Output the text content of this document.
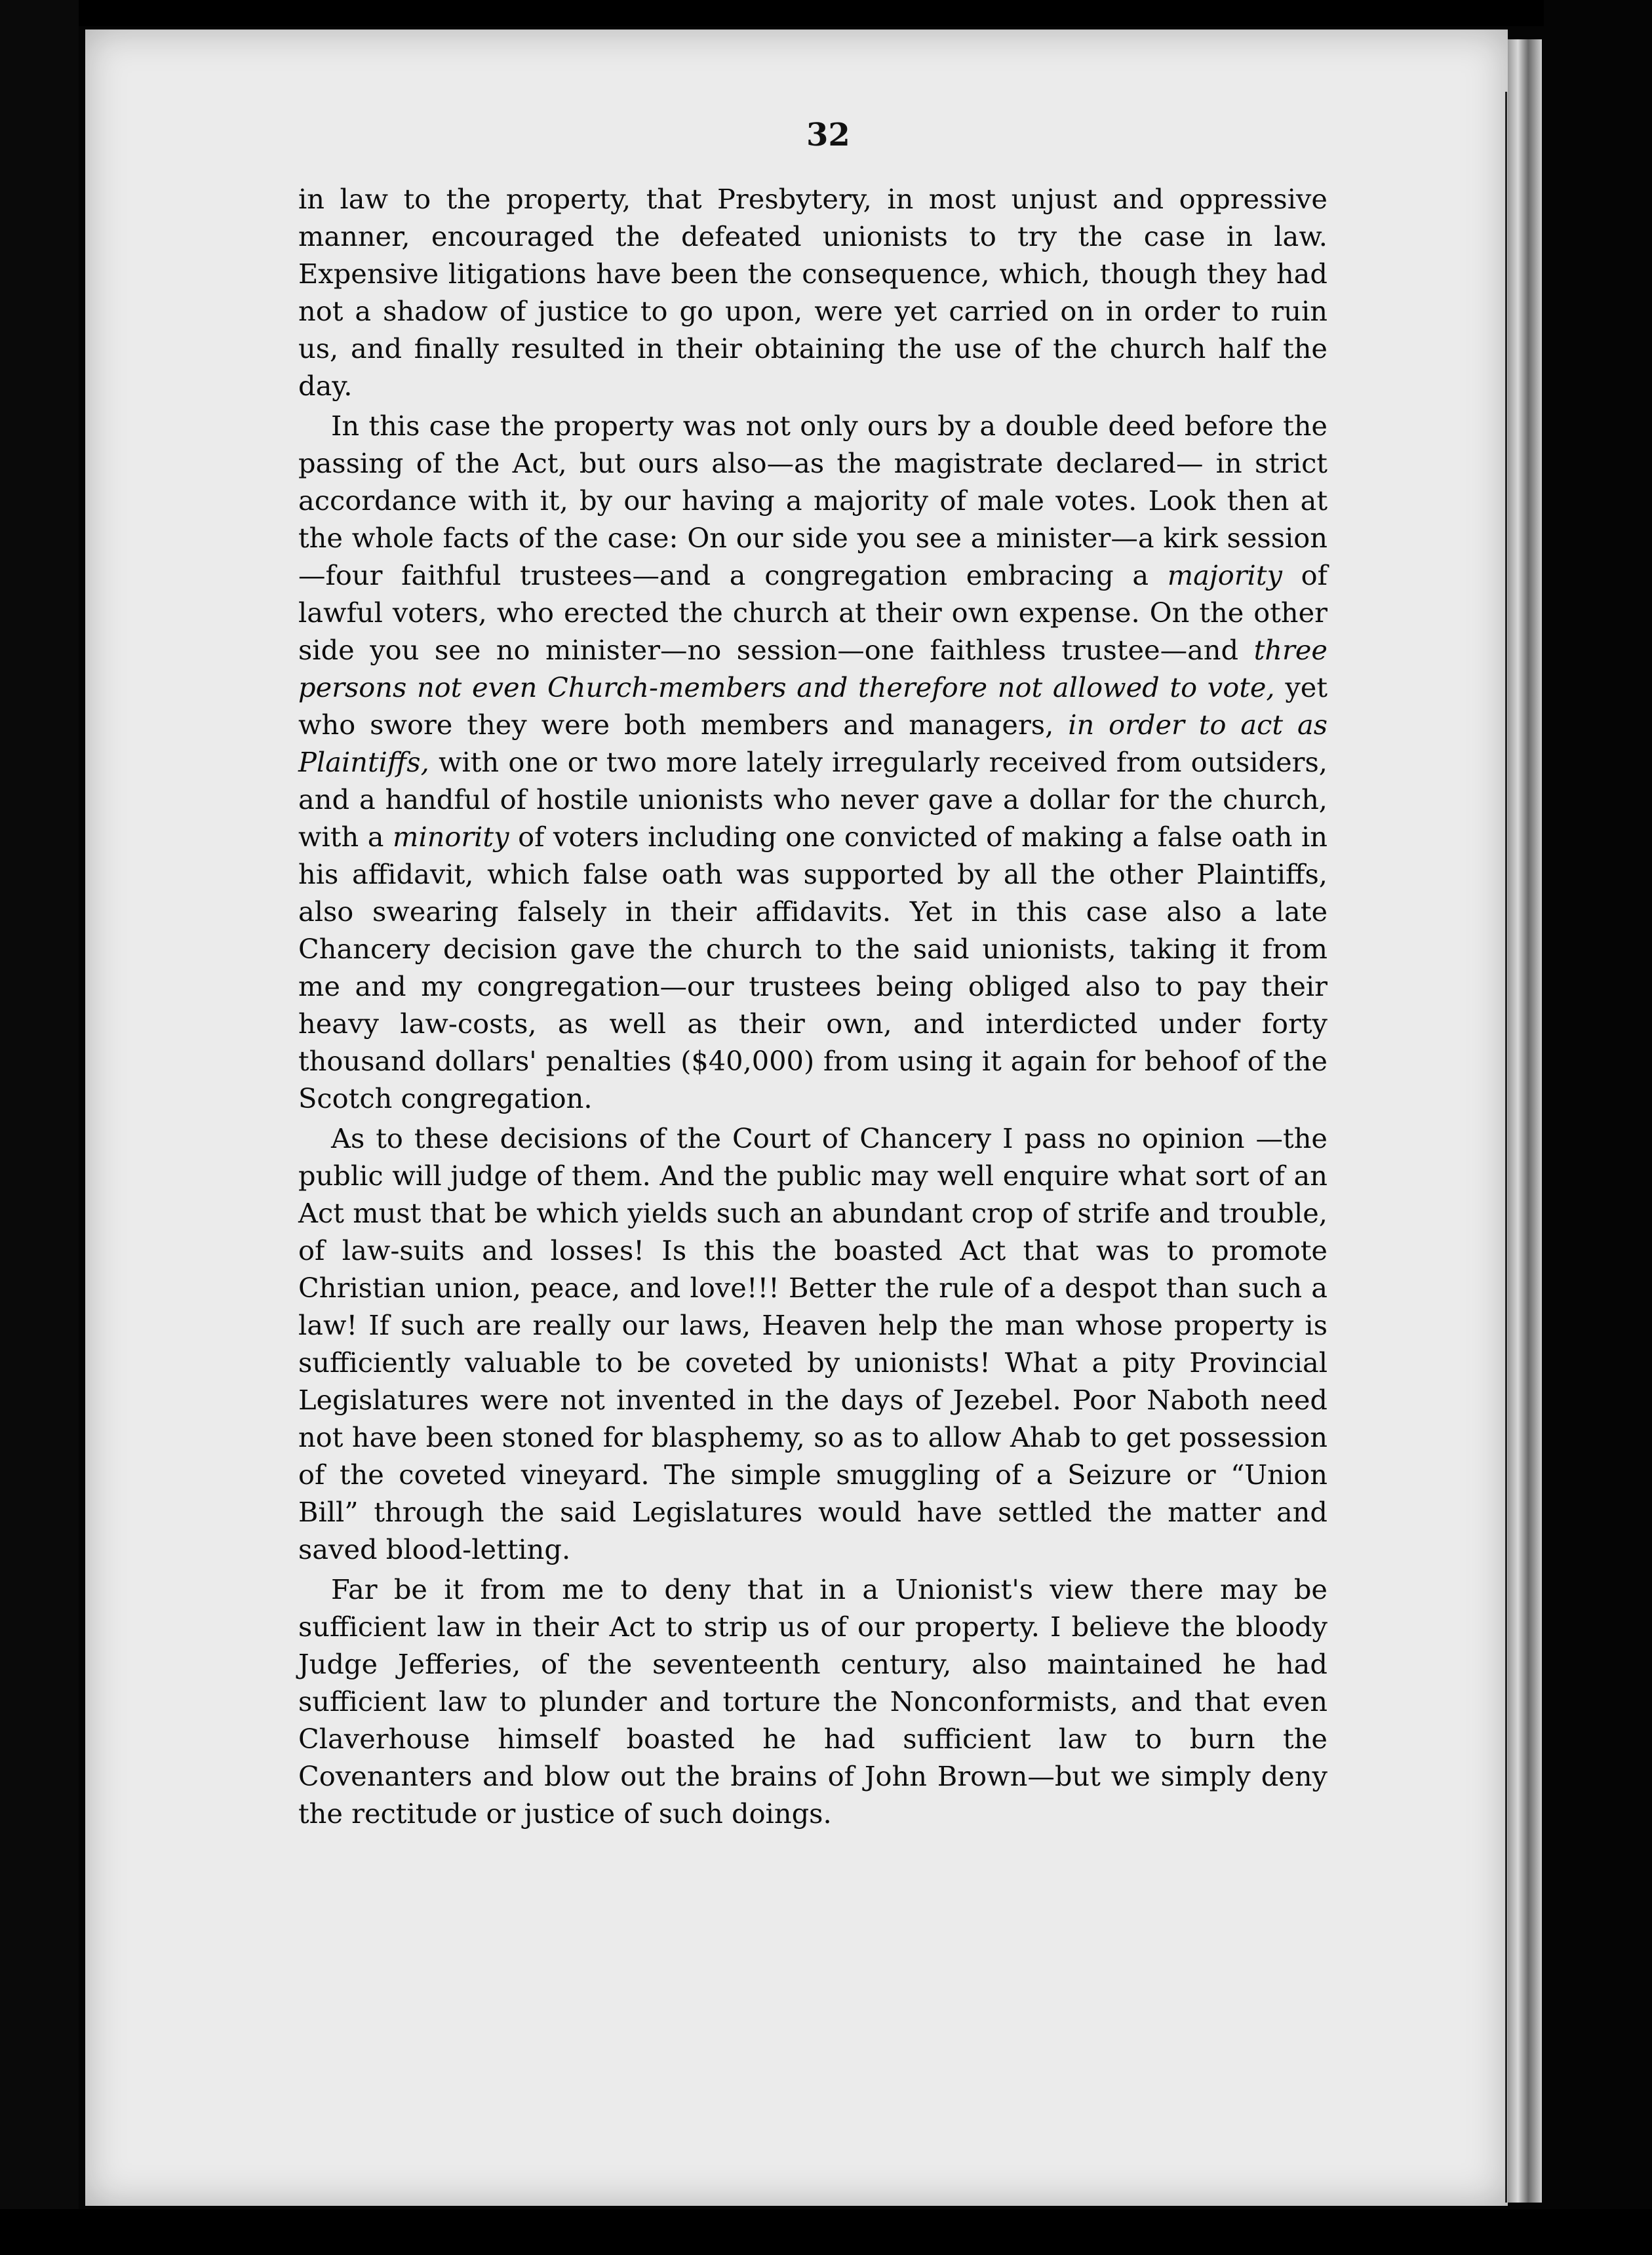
32

in law to the property, that Presbytery, in most unjust and oppressive manner, encouraged the defeated unionists to try the case in law. Expensive litigations have been the consequence, which, though they had not a shadow of justice to go upon, were yet carried on in order to ruin us, and finally resulted in their obtaining the use of the church half the day.

In this case the property was not only ours by a double deed before the passing of the Act, but ours also—as the magistrate declared— in strict accordance with it, by our having a majority of male votes. Look then at the whole facts of the case: On our side you see a minister—a kirk session—four faithful trustees—and a congregation embracing a majority of lawful voters, who erected the church at their own expense. On the other side you see no minister—no session—one faithless trustee—and three persons not even Church-members and therefore not allowed to vote, yet who swore they were both members and managers, in order to act as Plaintiffs, with one or two more lately irregularly received from outsiders, and a handful of hostile unionists who never gave a dollar for the church, with a minority of voters including one convicted of making a false oath in his affidavit, which false oath was supported by all the other Plaintiffs, also swearing falsely in their affidavits. Yet in this case also a late Chancery decision gave the church to the said unionists, taking it from me and my congregation—our trustees being obliged also to pay their heavy law-costs, as well as their own, and interdicted under forty thousand dollars' penalties ($40,000) from using it again for behoof of the Scotch congregation.

As to these decisions of the Court of Chancery I pass no opinion —the public will judge of them. And the public may well enquire what sort of an Act must that be which yields such an abundant crop of strife and trouble, of law-suits and losses! Is this the boasted Act that was to promote Christian union, peace, and love!!! Better the rule of a despot than such a law! If such are really our laws, Heaven help the man whose property is sufficiently valuable to be coveted by unionists! What a pity Provincial Legislatures were not invented in the days of Jezebel. Poor Naboth need not have been stoned for blasphemy, so as to allow Ahab to get possession of the coveted vineyard. The simple smuggling of a Seizure or “Union Bill” through the said Legislatures would have settled the matter and saved blood-letting.

Far be it from me to deny that in a Unionist's view there may be sufficient law in their Act to strip us of our property. I believe the bloody Judge Jefferies, of the seventeenth century, also maintained he had sufficient law to plunder and torture the Nonconformists, and that even Claverhouse himself boasted he had sufficient law to burn the Covenanters and blow out the brains of John Brown—but we simply deny the rectitude or justice of such doings.
